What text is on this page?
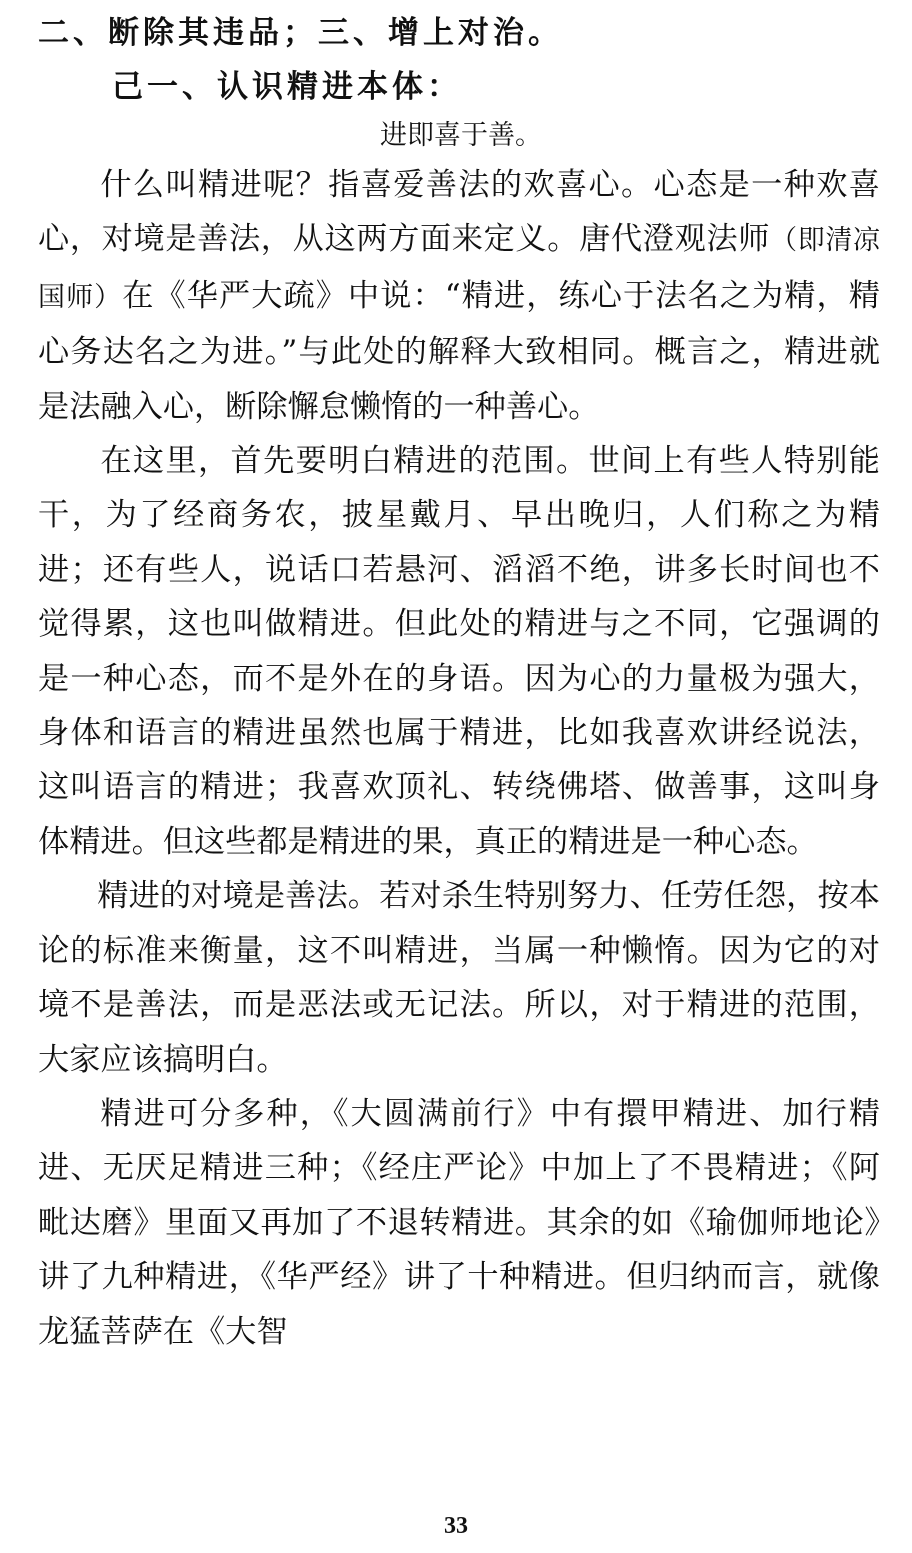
二、断除其违品；三、增上对治。
己一、认识精进本体：
进即喜于善。

什么叫精进呢？指喜爱善法的欢喜心。心态是一种欢喜心，对境是善法，从这两方面来定义。唐代澄观法师（即清凉国师）在《华严大疏》中说：“精进，练心于法名之为精，精心务达名之为进。”与此处的解释大致相同。概言之，精进就是法融入心，断除懈怠懒惰的一种善心。

在这里，首先要明白精进的范围。世间上有些人特别能干，为了经商务农，披星戴月、早出晚归，人们称之为精进；还有些人，说话口若悬河、滔滔不绝，讲多长时间也不觉得累，这也叫做精进。但此处的精进与之不同，它强调的是一种心态，而不是外在的身语。因为心的力量极为强大，身体和语言的精进虽然也属于精进，比如我喜欢讲经说法，这叫语言的精进；我喜欢顶礼、转绕佛塔、做善事，这叫身体精进。但这些都是精进的果，真正的精进是一种心态。

精进的对境是善法。若对杀生特别努力、任劳任怨，按本论的标准来衡量，这不叫精进，当属一种懒惰。因为它的对境不是善法，而是恶法或无记法。所以，对于精进的范围，大家应该搞明白。

精进可分多种，《大圆满前行》中有擐甲精进、加行精进、无厌足精进三种；《经庄严论》中加上了不畏精进；《阿毗达磨》里面又再加了不退转精进。其余的如《瑜伽师地论》讲了九种精进，《华严经》讲了十种精进。但归纳而言，就像龙猛菩萨在《大智

33
